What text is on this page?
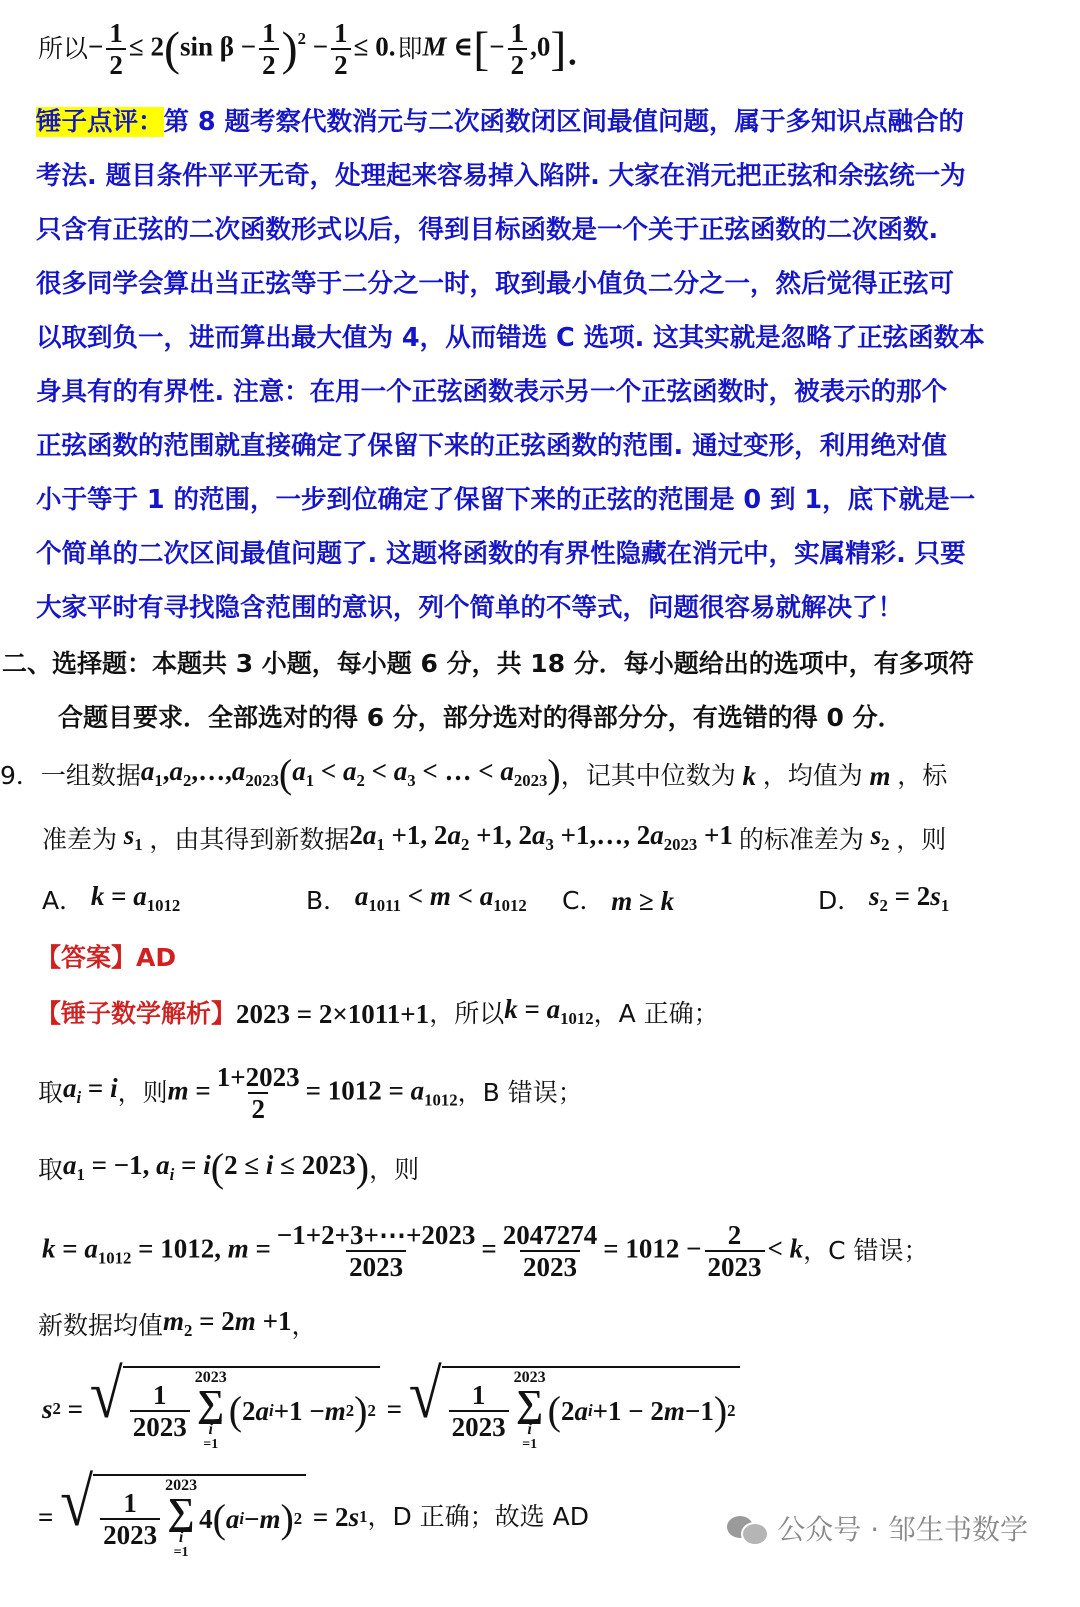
所以 − $\frac{1}{2} \le 2(\sin$ $\beta - \frac{1}{2} )^2 - \frac{1}{2} \le 0$. 即 M ∈[− $\frac{1}{2} ,0$].
锤子点评：第 8 题考察代数消元与二次函数闭区间最值问题，属于多知识点融合的
考法. 题目条件平平无奇，处理起来容易掉入陷阱. 大家在消元把正弦和余弦统一为
只含有正弦的二次函数形式以后，得到目标函数是一个关于正弦函数的二次函数.
很多同学会算出当正弦等于二分之一时，取到最小值负二分之一，然后觉得正弦可
以取到负一，进而算出最大值为 4，从而错选 C 选项. 这其实就是忽略了正弦函数本
身具有的有界性. 注意：在用一个正弦函数表示另一个正弦函数时，被表示的那个
正弦函数的范围就直接确定了保留下来的正弦函数的范围. 通过变形，利用绝对值
小于等于 1 的范围，一步到位确定了保留下来的正弦的范围是 0 到 1，底下就是一
个简单的二次区间最值问题了. 这题将函数的有界性隐藏在消元中，实属精彩. 只要
大家平时有寻找隐含范围的意识，列个简单的不等式，问题很容易就解决了！
二、选择题：本题共 3 小题，每小题 6 分，共 18 分．每小题给出的选项中，有多项符
合题目要求．全部选对的得 6 分，部分选对的得部分分，有选错的得 0 分．
9． 一组数据 $a_1,a_2,\dots,a_{2023}(a_1 < a_2 < a_3$ < … < $a_{2023}$) ，记其中位数为 k ，均值为 m ，标
准差为 $s_1$ ，由其得到新数据 $2a_1 +1$, $2a_2 +1$, $2a_3$ +1,…, $2a_{2023} +1$ 的标准差为 $s_2$ ，则
A． $k = a_{1012}$	B． $a_{1011} < m < a_{1012}$ C． m ≥ k	D． $s_2 = 2s_1$
【答案】AD
【锤子数学解析】 2023 = 2×1011+1 ，所以 $k = a_{1012}$ ，A 正确；
取 $a_i = i$ ，则 $m = \frac{1+2023}{2} = 1012 = a_{1012}$ ，B 错误；
取 $a_1 = -1$, $a_i = i(2 \le i \le 2023)$ ，则
$k = a_{1012} = 1012$, $m = \frac{-1+2+3+\cdots+2023}{2023} = \frac{2047274}{2023} = 1012 - \frac{2}{2023} < k$ ，C 错误；
新数据均值 $m_2 = 2m +1$ ，
s 2 = √ $\frac{1}{2023}$
2023
∑
i
=1
( 2 a i +1 − m 2 ) 2 = √ $\frac{1}{2023}$
2023
∑
i
=1
( 2 a i +1 − 2 m −1 ) 2
= √ $\frac{1}{2023}$
2023
∑
i
=1
4 ( a i − m ) 2 = 2 s 1 ，D 正确；故选 AD	公众号 · 邹生书数学
